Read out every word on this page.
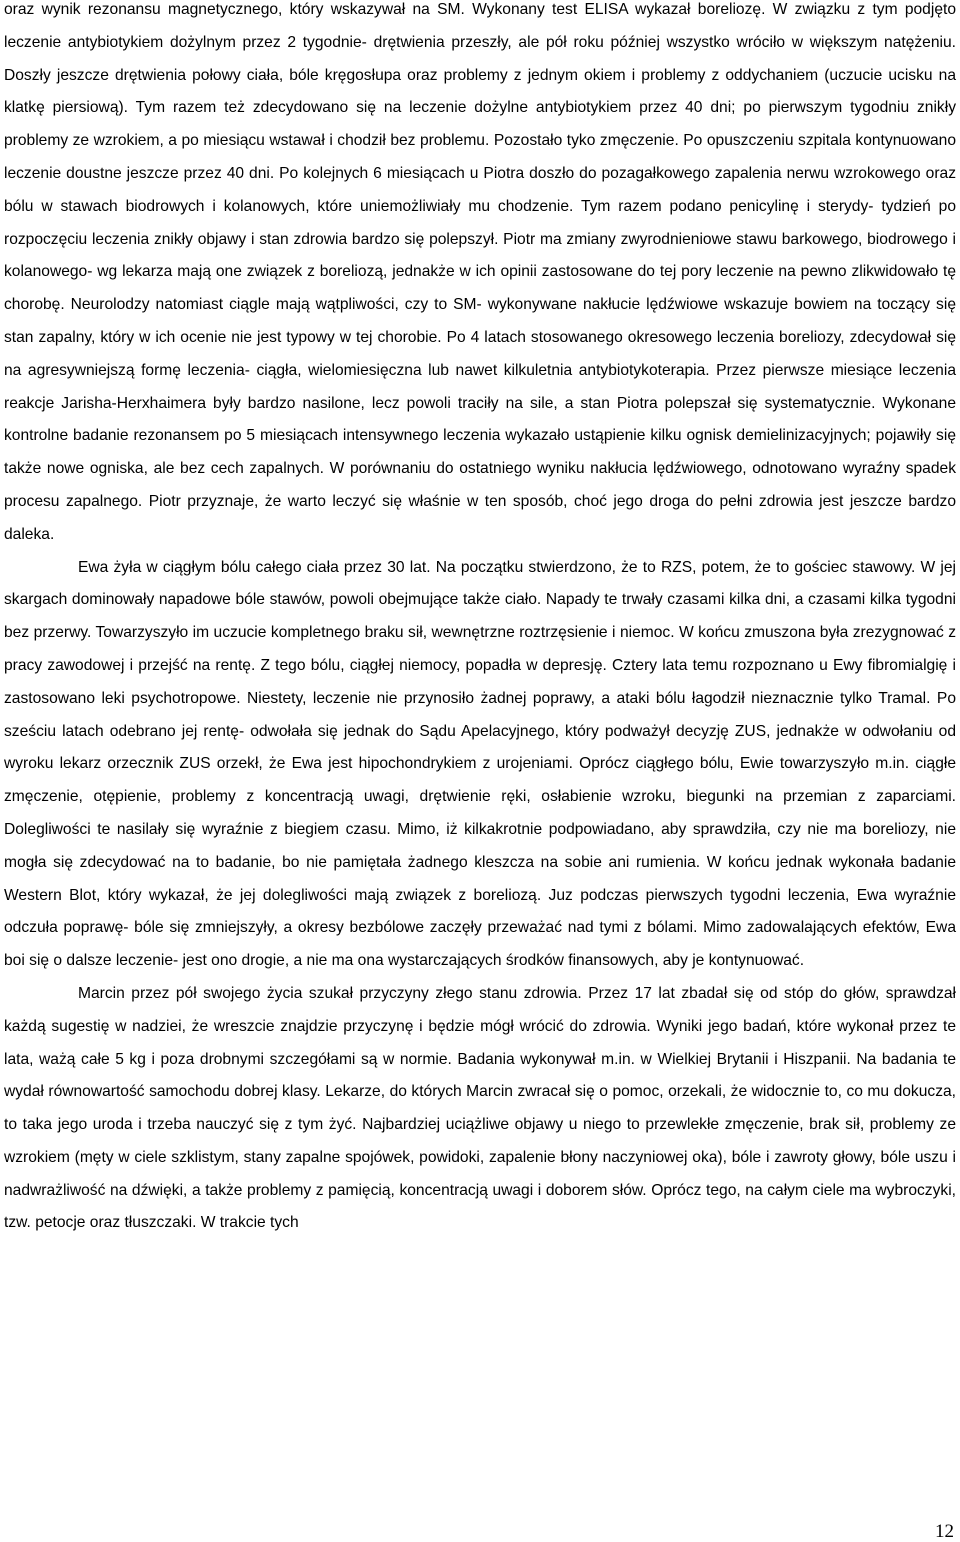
oraz wynik rezonansu magnetycznego, który wskazywał na SM. Wykonany test ELISA wykazał boreliozę. W związku z tym podjęto leczenie antybiotykiem dożylnym przez 2 tygodnie- drętwienia przeszły, ale pół roku później wszystko wróciło w większym natężeniu. Doszły jeszcze drętwienia połowy ciała, bóle kręgosłupa oraz problemy z jednym okiem i problemy z oddychaniem (uczucie ucisku na klatkę piersiową). Tym razem też zdecydowano się na leczenie dożylne antybiotykiem przez 40 dni; po pierwszym tygodniu znikły problemy ze wzrokiem, a po miesiącu wstawał i chodził bez problemu. Pozostało tyko zmęczenie. Po opuszczeniu szpitala kontynuowano leczenie doustne jeszcze przez 40 dni. Po kolejnych 6 miesiącach u Piotra doszło do pozagałkowego zapalenia nerwu wzrokowego oraz bólu w stawach biodrowych i kolanowych, które uniemożliwiały mu chodzenie. Tym razem podano penicylinę i sterydy- tydzień po rozpoczęciu leczenia znikły objawy i stan zdrowia bardzo się polepszył. Piotr ma zmiany zwyrodnieniowe stawu barkowego, biodrowego i kolanowego- wg lekarza mają one związek z boreliozą, jednakże w ich opinii zastosowane do tej pory leczenie na pewno zlikwidowało tę chorobę. Neurolodzy natomiast ciągle mają wątpliwości, czy to SM- wykonywane nakłucie lędźwiowe wskazuje bowiem na toczący się stan zapalny, który w ich ocenie nie jest typowy w tej chorobie. Po 4 latach stosowanego okresowego leczenia boreliozy, zdecydował się na agresywniejszą formę leczenia- ciągła, wielomiesięczna lub nawet kilkuletnia antybiotykoterapia. Przez pierwsze miesiące leczenia reakcje Jarisha-Herxhaimera były bardzo nasilone, lecz powoli traciły na sile, a stan Piotra polepszał się systematycznie. Wykonane kontrolne badanie rezonansem po 5 miesiącach intensywnego leczenia wykazało ustąpienie kilku ognisk demielinizacyjnych; pojawiły się także nowe ogniska, ale bez cech zapalnych. W porównaniu do ostatniego wyniku nakłucia lędźwiowego, odnotowano wyraźny spadek procesu zapalnego. Piotr przyznaje, że warto leczyć się właśnie w ten sposób, choć jego droga do pełni zdrowia jest jeszcze bardzo daleka.

Ewa żyła w ciągłym bólu całego ciała przez 30 lat. Na początku stwierdzono, że to RZS, potem, że to gościec stawowy. W jej skargach dominowały napadowe bóle stawów, powoli obejmujące także ciało. Napady te trwały czasami kilka dni, a czasami kilka tygodni bez przerwy. Towarzyszyło im uczucie kompletnego braku sił, wewnętrzne roztrzęsienie i niemoc. W końcu zmuszona była zrezygnować z pracy zawodowej i przejść na rentę. Z tego bólu, ciągłej niemocy, popadła w depresję. Cztery lata temu rozpoznano u Ewy fibromialgię i zastosowano leki psychotropowe. Niestety, leczenie nie przynosiło żadnej poprawy, a ataki bólu łagodził nieznacznie tylko Tramal. Po sześciu latach odebrano jej rentę- odwołała się jednak do Sądu Apelacyjnego, który podważył decyzję ZUS, jednakże w odwołaniu od wyroku lekarz orzecznik ZUS orzekł, że Ewa jest hipochondrykiem z urojeniami. Oprócz ciągłego bólu, Ewie towarzyszyło m.in. ciągłe zmęczenie, otępienie, problemy z koncentracją uwagi, drętwienie ręki, osłabienie wzroku, biegunki na przemian z zaparciami. Dolegliwości te nasilały się wyraźnie z biegiem czasu. Mimo, iż kilkakrotnie podpowiadano, aby sprawdziła, czy nie ma boreliozy, nie mogła się zdecydować na to badanie, bo nie pamiętała żadnego kleszcza na sobie ani rumienia. W końcu jednak wykonała badanie Western Blot, który wykazał, że jej dolegliwości mają związek z boreliozą. Juz podczas pierwszych tygodni leczenia, Ewa wyraźnie odczuła poprawę- bóle się zmniejszyły, a okresy bezbólowe zaczęły przeważać nad tymi z bólami. Mimo zadowalających efektów, Ewa boi się o dalsze leczenie- jest ono drogie, a nie ma ona wystarczających środków finansowych, aby je kontynuować.

Marcin przez pół swojego życia szukał przyczyny złego stanu zdrowia. Przez 17 lat zbadał się od stóp do głów, sprawdzał każdą sugestię w nadziei, że wreszcie znajdzie przyczynę i będzie mógł wrócić do zdrowia. Wyniki jego badań, które wykonał przez te lata, ważą całe 5 kg i poza drobnymi szczegółami są w normie. Badania wykonywał m.in. w Wielkiej Brytanii i Hiszpanii. Na badania te wydał równowartość samochodu dobrej klasy. Lekarze, do których Marcin zwracał się o pomoc, orzekali, że widocznie to, co mu dokucza, to taka jego uroda i trzeba nauczyć się z tym żyć. Najbardziej uciążliwe objawy u niego to przewlekłe zmęczenie, brak sił, problemy ze wzrokiem (męty w ciele szklistym, stany zapalne spojówek, powidoki, zapalenie błony naczyniowej oka), bóle i zawroty głowy, bóle uszu i nadwrażliwość na dźwięki, a także problemy z pamięcią, koncentracją uwagi i doborem słów. Oprócz tego, na całym ciele ma wybroczyki, tzw. petocje oraz tłuszczaki. W trakcie tych

12
